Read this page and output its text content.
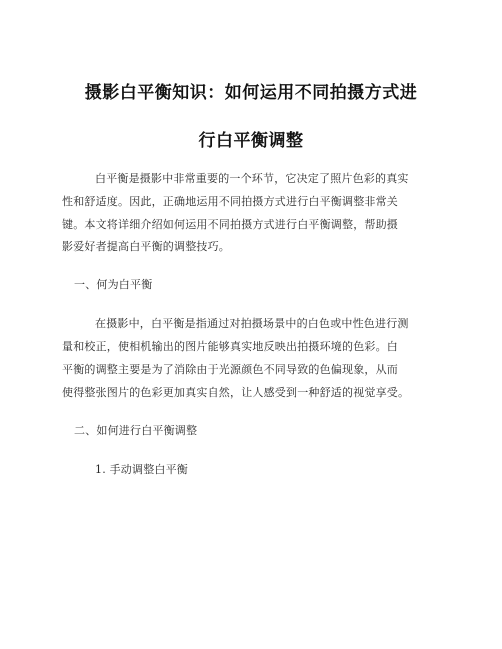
摄影白平衡知识：如何运用不同拍摄方式进
行白平衡调整
白平衡是摄影中非常重要的一个环节，它决定了照片色彩的真实
性和舒适度。因此，正确地运用不同拍摄方式进行白平衡调整非常关
键。本文将详细介绍如何运用不同拍摄方式进行白平衡调整，帮助摄
影爱好者提高白平衡的调整技巧。
一、何为白平衡
在摄影中，白平衡是指通过对拍摄场景中的白色或中性色进行测
量和校正，使相机输出的图片能够真实地反映出拍摄环境的色彩。白
平衡的调整主要是为了消除由于光源颜色不同导致的色偏现象，从而
使得整张图片的色彩更加真实自然，让人感受到一种舒适的视觉享受。
二、如何进行白平衡调整
1. 手动调整白平衡
